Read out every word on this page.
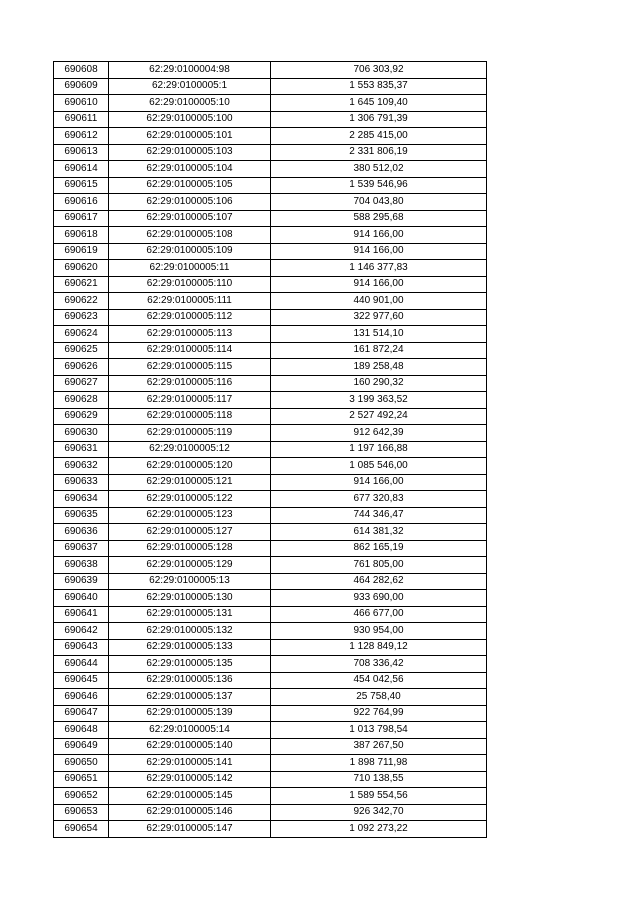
690608	62:29:0100004:98	706 303,92
690609	62:29:0100005:1	1 553 835,37
690610	62:29:0100005:10	1 645 109,40
690611	62:29:0100005:100	1 306 791,39
690612	62:29:0100005:101	2 285 415,00
690613	62:29:0100005:103	2 331 806,19
690614	62:29:0100005:104	380 512,02
690615	62:29:0100005:105	1 539 546,96
690616	62:29:0100005:106	704 043,80
690617	62:29:0100005:107	588 295,68
690618	62:29:0100005:108	914 166,00
690619	62:29:0100005:109	914 166,00
690620	62:29:0100005:11	1 146 377,83
690621	62:29:0100005:110	914 166,00
690622	62:29:0100005:111	440 901,00
690623	62:29:0100005:112	322 977,60
690624	62:29:0100005:113	131 514,10
690625	62:29:0100005:114	161 872,24
690626	62:29:0100005:115	189 258,48
690627	62:29:0100005:116	160 290,32
690628	62:29:0100005:117	3 199 363,52
690629	62:29:0100005:118	2 527 492,24
690630	62:29:0100005:119	912 642,39
690631	62:29:0100005:12	1 197 166,88
690632	62:29:0100005:120	1 085 546,00
690633	62:29:0100005:121	914 166,00
690634	62:29:0100005:122	677 320,83
690635	62:29:0100005:123	744 346,47
690636	62:29:0100005:127	614 381,32
690637	62:29:0100005:128	862 165,19
690638	62:29:0100005:129	761 805,00
690639	62:29:0100005:13	464 282,62
690640	62:29:0100005:130	933 690,00
690641	62:29:0100005:131	466 677,00
690642	62:29:0100005:132	930 954,00
690643	62:29:0100005:133	1 128 849,12
690644	62:29:0100005:135	708 336,42
690645	62:29:0100005:136	454 042,56
690646	62:29:0100005:137	25 758,40
690647	62:29:0100005:139	922 764,99
690648	62:29:0100005:14	1 013 798,54
690649	62:29:0100005:140	387 267,50
690650	62:29:0100005:141	1 898 711,98
690651	62:29:0100005:142	710 138,55
690652	62:29:0100005:145	1 589 554,56
690653	62:29:0100005:146	926 342,70
690654	62:29:0100005:147	1 092 273,22
